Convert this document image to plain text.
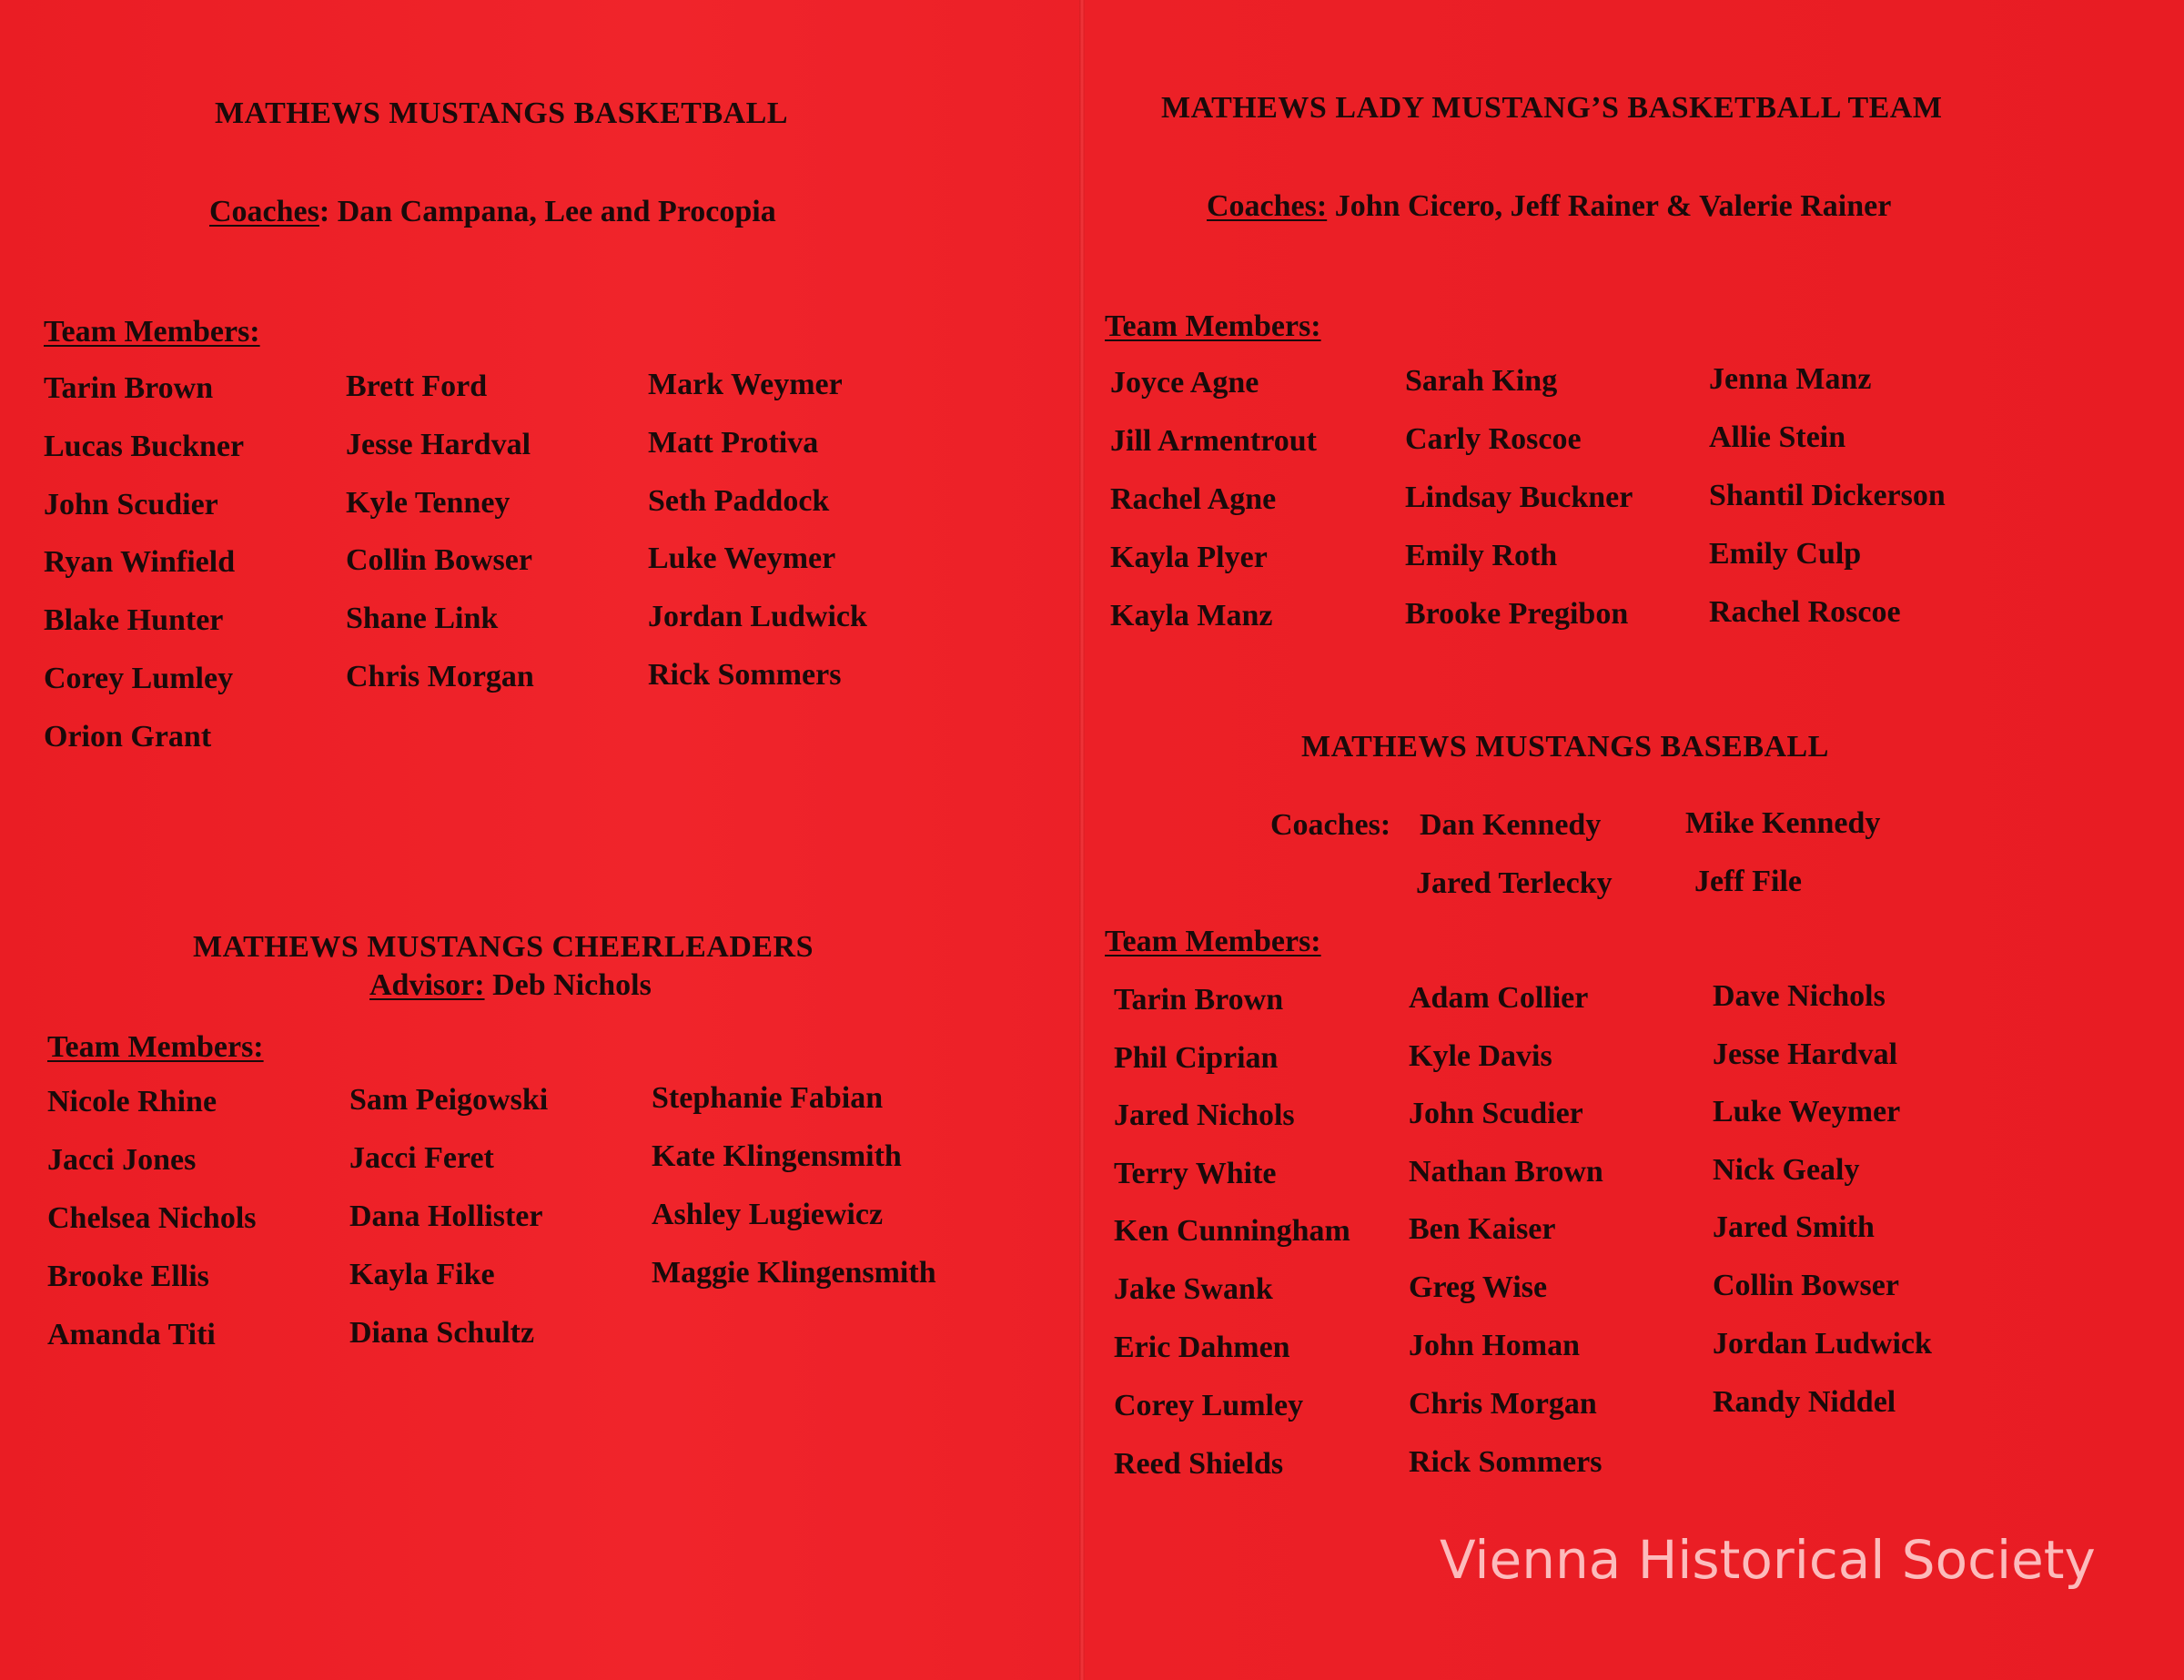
MATHEWS MUSTANGS BASKETBALL
Coaches: Dan Campana, Lee and Procopia
Team Members:
Tarin Brown
Lucas Buckner
John Scudier
Ryan Winfield
Blake Hunter
Corey Lumley
Orion Grant
Brett Ford
Jesse Hardval
Kyle Tenney
Collin Bowser
Shane Link
Chris Morgan
Mark Weymer
Matt Protiva
Seth Paddock
Luke Weymer
Jordan Ludwick
Rick Sommers
MATHEWS MUSTANGS CHEERLEADERS
Advisor: Deb Nichols
Team Members:
Nicole Rhine
Jacci Jones
Chelsea Nichols
Brooke Ellis
Amanda Titi
Sam Peigowski
Jacci Feret
Dana Hollister
Kayla Fike
Diana Schultz
Stephanie Fabian
Kate Klingensmith
Ashley Lugiewicz
Maggie Klingensmith
MATHEWS LADY MUSTANG’S BASKETBALL TEAM
Coaches: John Cicero, Jeff Rainer & Valerie Rainer
Team Members:
Joyce Agne
Jill Armentrout
Rachel Agne
Kayla Plyer
Kayla Manz
Sarah King
Carly Roscoe
Lindsay Buckner
Emily Roth
Brooke Pregibon
Jenna Manz
Allie Stein
Shantil Dickerson
Emily Culp
Rachel Roscoe
MATHEWS MUSTANGS BASEBALL
Coaches: Dan Kennedy	Mike Kennedy
Jared Terlecky	Jeff File
Team Members:
Tarin Brown
Phil Ciprian
Jared Nichols
Terry White
Ken Cunningham
Jake Swank
Eric Dahmen
Corey Lumley
Reed Shields
Adam Collier
Kyle Davis
John Scudier
Nathan Brown
Ben Kaiser
Greg Wise
John Homan
Chris Morgan
Rick Sommers
Dave Nichols
Jesse Hardval
Luke Weymer
Nick Gealy
Jared Smith
Collin Bowser
Jordan Ludwick
Randy Niddel
Vienna Historical Society
